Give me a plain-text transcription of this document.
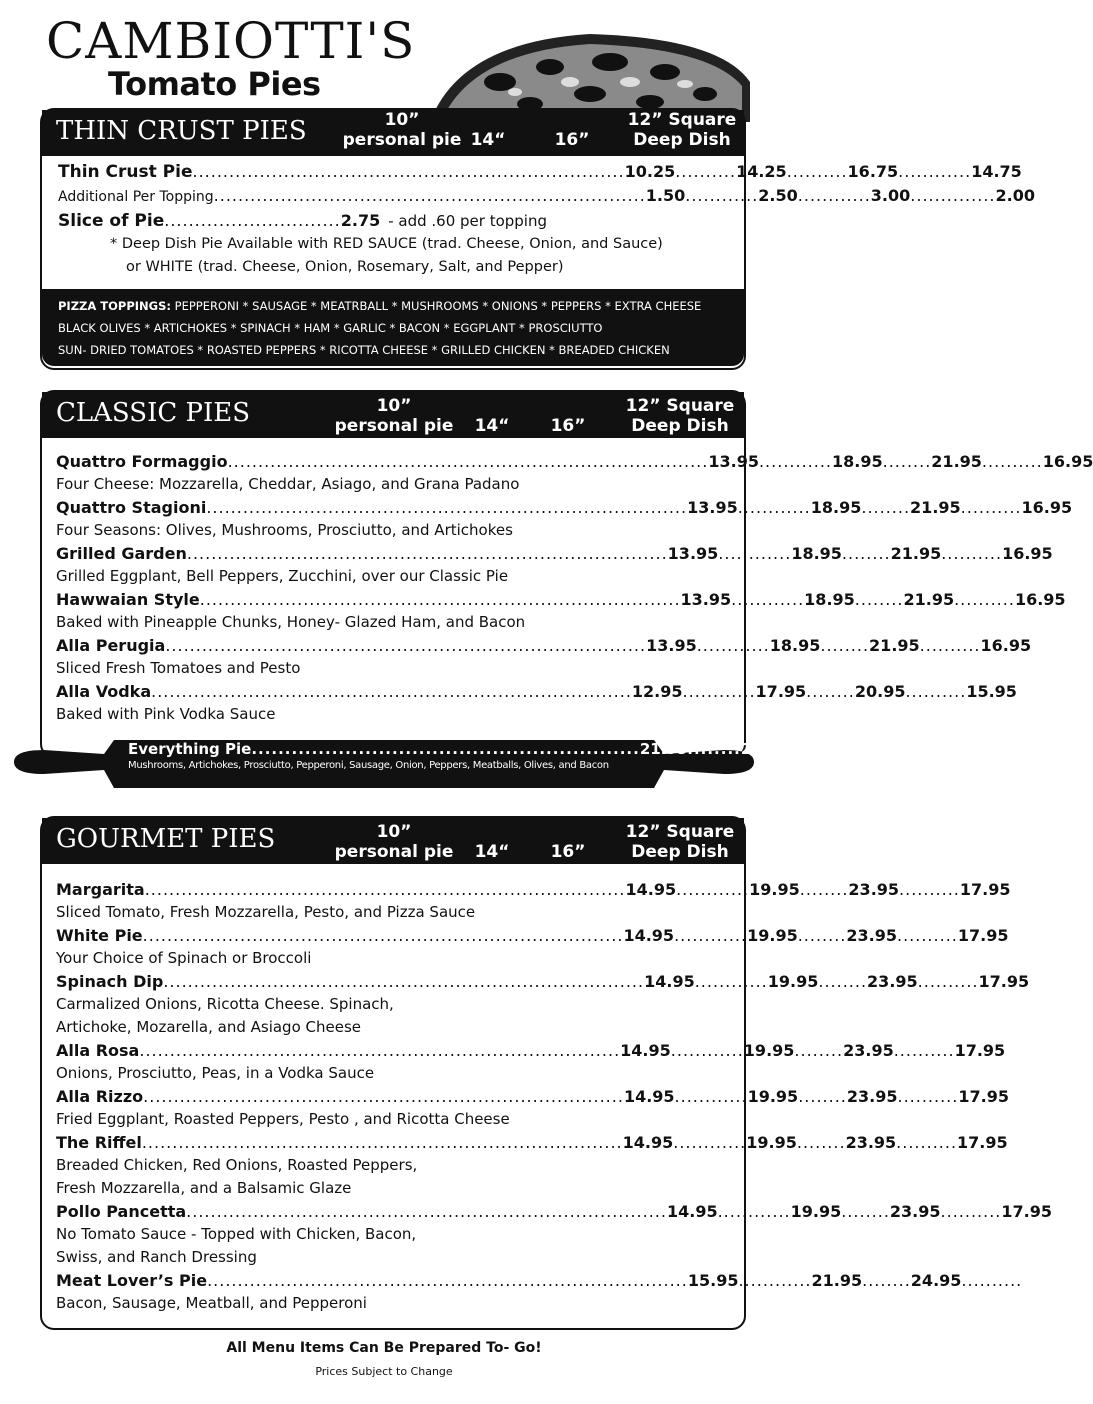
CAMBIOTTI'S
Tomato Pies
THIN CRUST PIES	10”
personal pie 14“	16”
12” Square
Deep Dish
Thin Crust Pie ....................................................................... 10.25 .......... 14.25 .......... 16.75 ............ 14.75
Additional Per Topping ....................................................................... 1.50 ............ 2.50 ............ 3.00 .............. 2.00
Slice of Pie ............................. 2.75 - add .60 per topping
* Deep Dish Pie Available with RED SAUCE (trad. Cheese, Onion, and Sauce)
or WHITE (trad. Cheese, Onion, Rosemary, Salt, and Pepper)
PIZZA TOPPINGS: PEPPERONI * SAUSAGE * MEATRBALL * MUSHROOMS * ONIONS * PEPPERS * EXTRA CHEESE
BLACK OLIVES * ARTICHOKES * SPINACH * HAM * GARLIC * BACON * EGGPLANT * PROSCIUTTO
SUN- DRIED TOMATOES * ROASTED PEPPERS * RICOTTA CHEESE * GRILLED CHICKEN * BREADED CHICKEN
CLASSIC PIES	10”
personal pie 14“ 16”
12” Square
Deep Dish
Quattro Formaggio ............................................................................... 13.95 ............ 18.95 ........ 21.95 .......... 16.95
Four Cheese: Mozzarella, Cheddar, Asiago, and Grana Padano
Quattro Stagioni ............................................................................... 13.95 ............ 18.95 ........ 21.95 .......... 16.95
Four Seasons: Olives, Mushrooms, Prosciutto, and Artichokes
Grilled Garden ............................................................................... 13.95 ............ 18.95 ........ 21.95 .......... 16.95
Grilled Eggplant, Bell Peppers, Zucchini, over our Classic Pie
Hawwaian Style ............................................................................... 13.95 ............ 18.95 ........ 21.95 .......... 16.95
Baked with Pineapple Chunks, Honey- Glazed Ham, and Bacon
Alla Perugia ............................................................................... 13.95 ............ 18.95 ........ 21.95 .......... 16.95
Sliced Fresh Tomatoes and Pesto
Alla Vodka ............................................................................... 12.95 ............ 17.95 ........ 20.95 .......... 15.95
Baked with Pink Vodka Sauce
Everything Pie .......................................................... 21.95 ........ 24.95
Mushrooms, Artichokes, Prosciutto, Pepperoni, Sausage, Onion, Peppers, Meatballs, Olives, and Bacon
GOURMET PIES	10”
personal pie 14“ 16”
12” Square
Deep Dish
Margarita ............................................................................... 14.95 ............ 19.95 ........ 23.95 .......... 17.95
Sliced Tomato, Fresh Mozzarella, Pesto, and Pizza Sauce
White Pie ............................................................................... 14.95 ............ 19.95 ........ 23.95 .......... 17.95
Your Choice of Spinach or Broccoli
Spinach Dip ............................................................................... 14.95 ............ 19.95 ........ 23.95 .......... 17.95
Carmalized Onions, Ricotta Cheese. Spinach,
Artichoke, Mozarella, and Asiago Cheese
Alla Rosa ............................................................................... 14.95 ............ 19.95 ........ 23.95 .......... 17.95
Onions, Prosciutto, Peas, in a Vodka Sauce
Alla Rizzo ............................................................................... 14.95 ............ 19.95 ........ 23.95 .......... 17.95
Fried Eggplant, Roasted Peppers, Pesto , and Ricotta Cheese
The Riffel ............................................................................... 14.95 ............ 19.95 ........ 23.95 .......... 17.95
Breaded Chicken, Red Onions, Roasted Peppers,
Fresh Mozzarella, and a Balsamic Glaze
Pollo Pancetta ............................................................................... 14.95 ............ 19.95 ........ 23.95 .......... 17.95
No Tomato Sauce - Topped with Chicken, Bacon,
Swiss, and Ranch Dressing
Meat Lover’s Pie ............................................................................... 15.95 ............ 21.95 ........ 24.95 ..........
Bacon, Sausage, Meatball, and Pepperoni
All Menu Items Can Be Prepared To- Go!
Prices Subject to Change
